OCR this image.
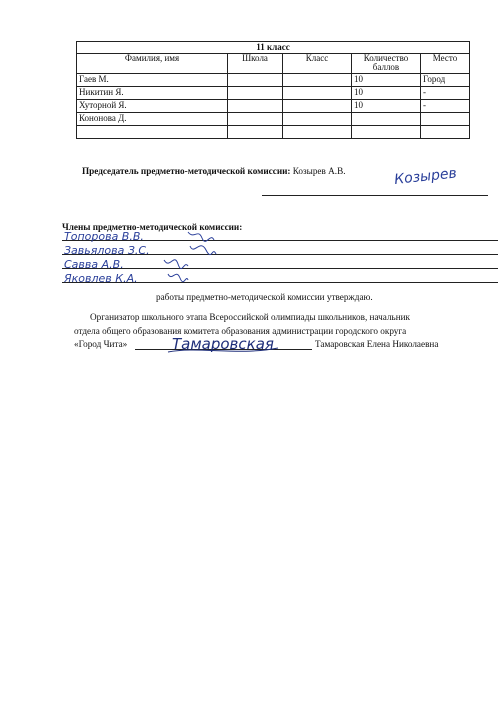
11 класс				
Фамилия, имя	Школа	Класс	Количество баллов	Место
Гаев М.			10	Город
Никитин Я.			10	-
Хуторной Я.			10	-
Кононова Д.				

Председатель предметно-методической комиссии: Козырев А.В.	Козырев
Члены предметно-методической комиссии:
Топорова В.В.
Завьялова З.С.
Савва А.В.
Яковлев К.А.
работы предметно-методической комиссии утверждаю.
Организатор школьного этапа Всероссийской олимпиады школьников, начальник
отдела общего образования комитета образования администрации городского округа
«Город Чита»	Тамаровская Елена Николаевна
Тамаровская
